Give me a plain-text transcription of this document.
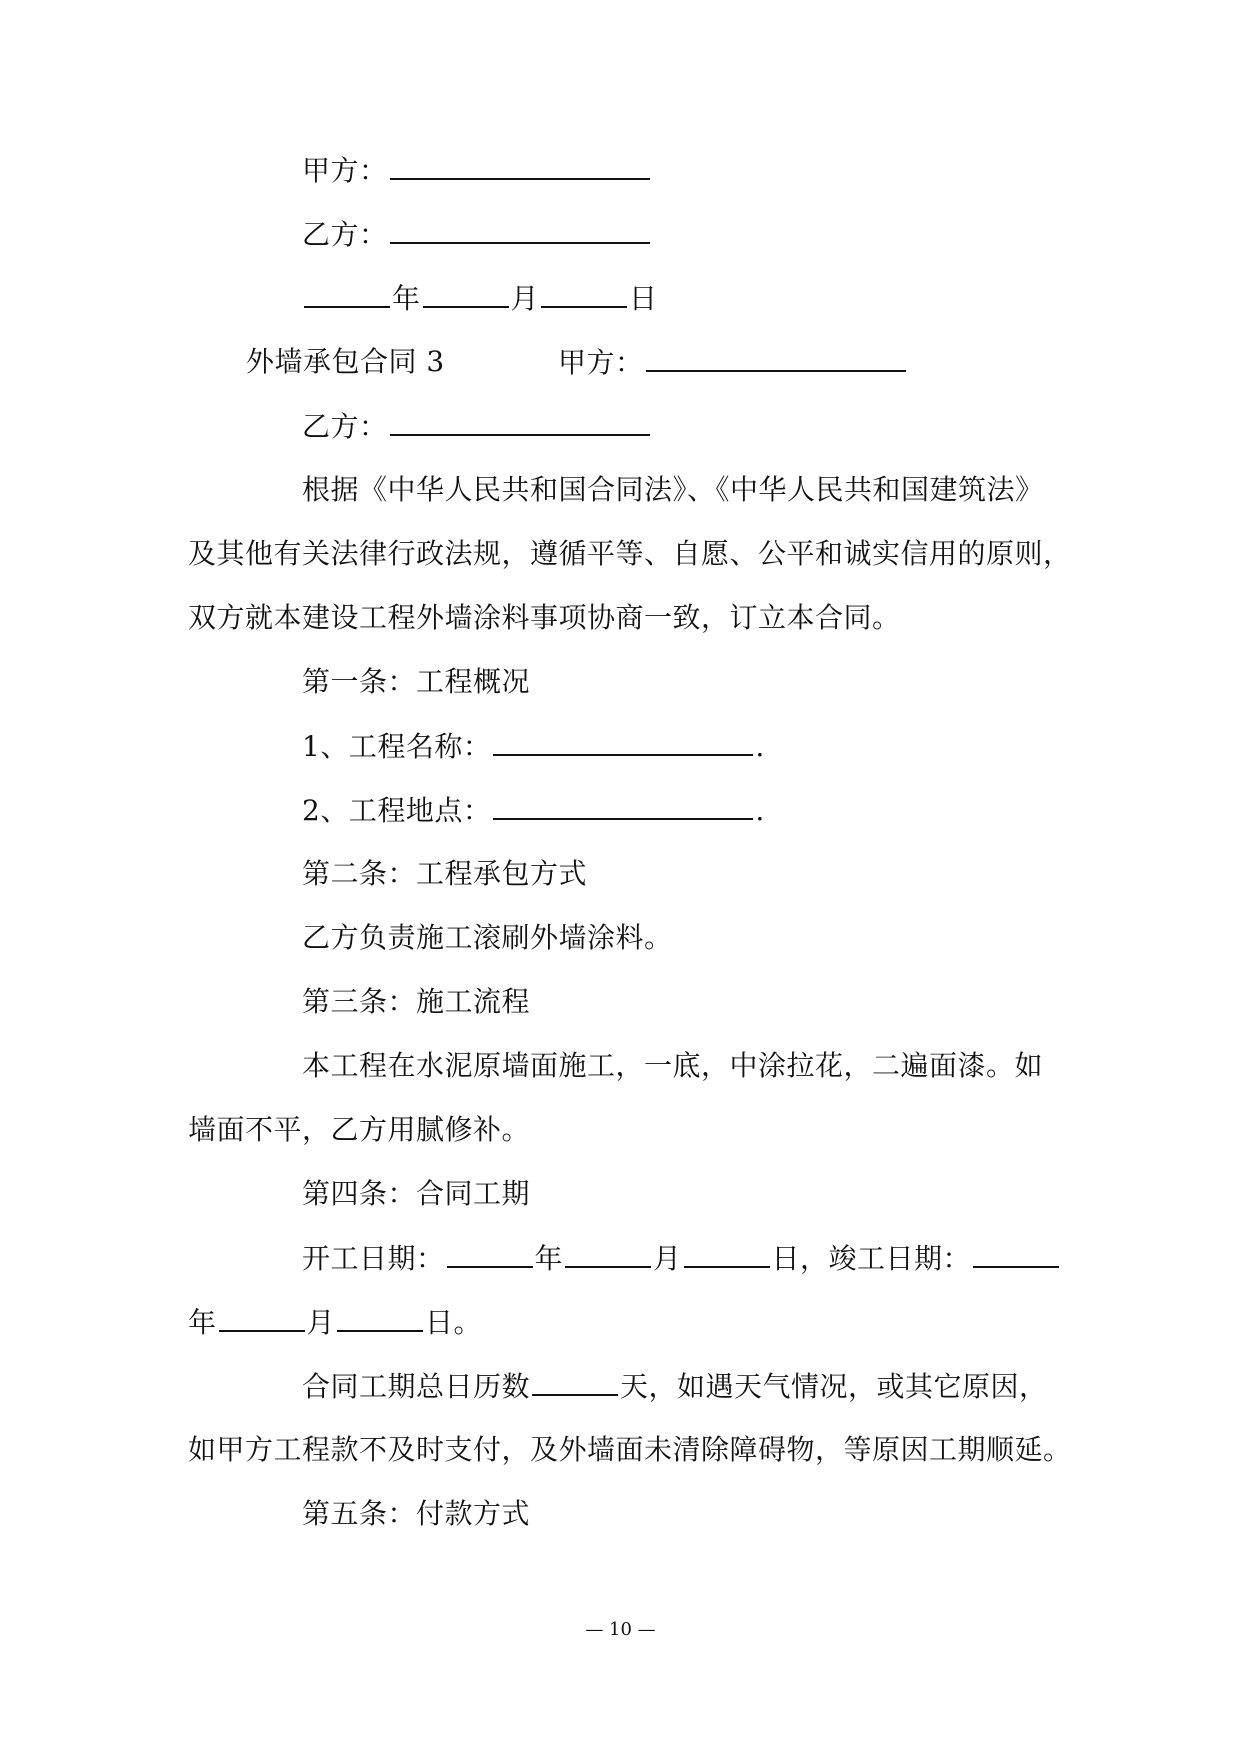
甲方：
乙方：
年	月	日
外墙承包合同 3	甲方：
乙方：
根据《中华人民共和国合同法》、《中华人民共和国建筑法》
及其他有关法律行政法规，遵循平等、自愿、公平和诚实信用的原则，
双方就本建设工程外墙涂料事项协商一致，订立本合同。
第一条：工程概况
1、工程名称：	.
2、工程地点：	.
第二条：工程承包方式
乙方负责施工滚刷外墙涂料。
第三条：施工流程
本工程在水泥原墙面施工，一底，中涂拉花，二遍面漆。如
墙面不平，乙方用腻修补。
第四条：合同工期
开工日期：	年	月	日，竣工日期：
年	月	日。
合同工期总日历数	天，如遇天气情况，或其它原因，
如甲方工程款不及时支付，及外墙面未清除障碍物，等原因工期顺延。
第五条：付款方式
— 10 —
